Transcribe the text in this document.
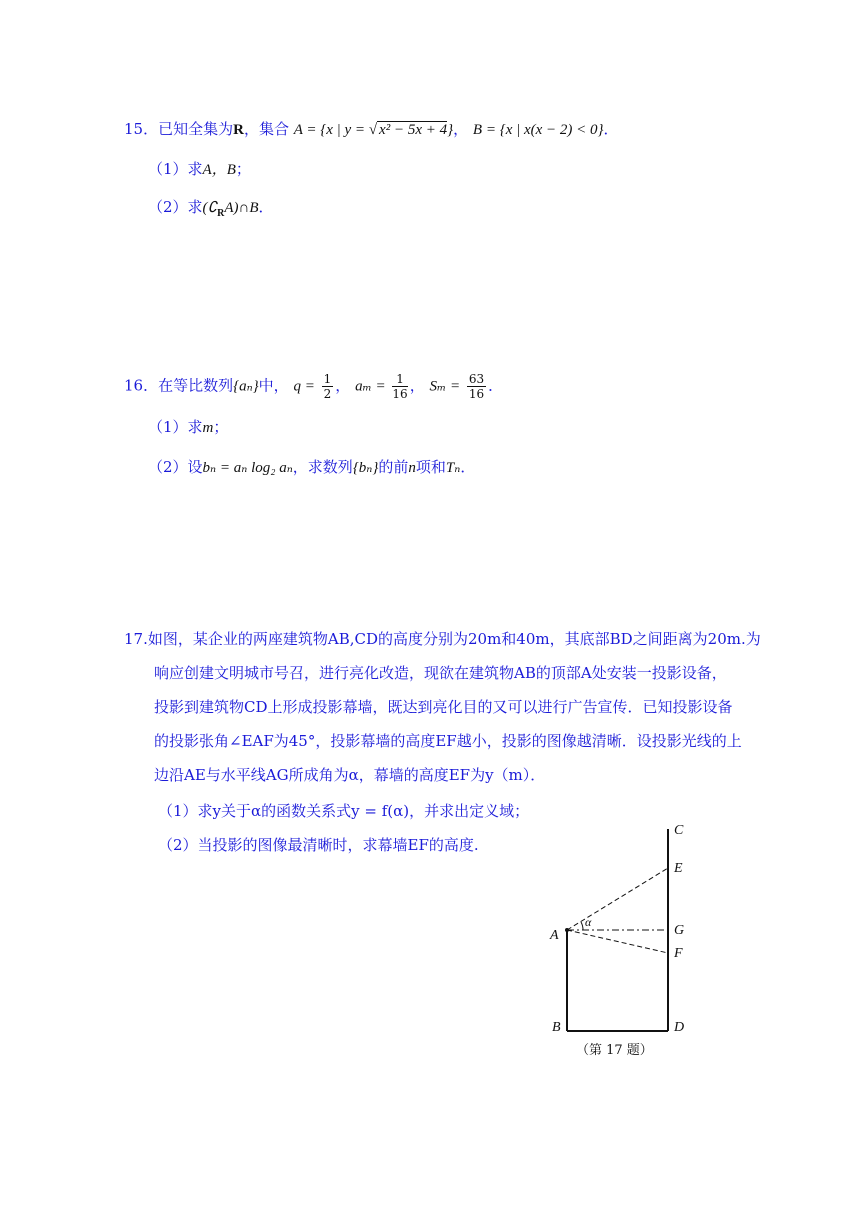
15．已知全集为R，集合 A = {x | y = √ x² − 5x + 4}， B = {x | x(x − 2) < 0}．
（1）求A，B；
（2）求$(∁_RA)\cap B$．
16．在等比数列{aₙ}中， $q = \frac{1}{2}$ ， $a_m = \frac{1}{16}$ ， $S_m = \frac{63}{16}$ ．
（1）求m；
（2）设bₙ = aₙ log₂ aₙ，求数列{bₙ}的前n项和Tₙ．
17.如图，某企业的两座建筑物AB,CD的高度分别为20m和40m，其底部BD之间距离为20m.为
响应创建文明城市号召，进行亮化改造，现欲在建筑物AB的顶部A处安装一投影设备，
投影到建筑物CD上形成投影幕墙，既达到亮化目的又可以进行广告宣传．已知投影设备
的投影张角∠EAF为45°，投影幕墙的高度EF越小，投影的图像越清晰．设投影光线的上
边沿AE与水平线AG所成角为α，幕墙的高度EF为y（m）．
（1）求y关于α的函数关系式y = f(α)，并求出定义域；
（2）当投影的图像最清晰时，求幕墙EF的高度.
C
E
G
A
F
B	D
α
（第 17 题）
